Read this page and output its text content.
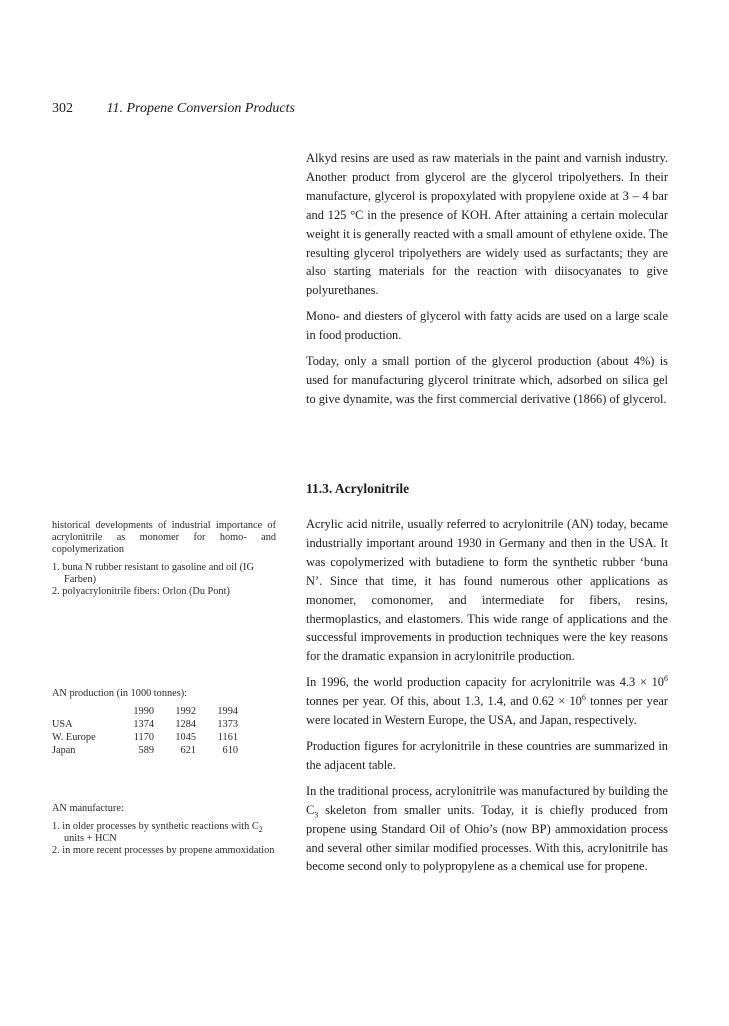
302 11. Propene Conversion Products

Alkyd resins are used as raw materials in the paint and varnish industry. Another product from glycerol are the glycerol tripolyethers. In their manufacture, glycerol is propoxylated with propylene oxide at 3 – 4 bar and 125 °C in the presence of KOH. After attaining a certain molecular weight it is generally reacted with a small amount of ethylene oxide. The resulting glycerol tripolyethers are widely used as surfactants; they are also starting materials for the reaction with diisocyanates to give polyurethanes.

Mono- and diesters of glycerol with fatty acids are used on a large scale in food production.

Today, only a small portion of the glycerol production (about 4%) is used for manufacturing glycerol trinitrate which, adsorbed on silica gel to give dynamite, was the first commercial derivative (1866) of glycerol.

11.3. Acrylonitrile

Acrylic acid nitrile, usually referred to acrylonitrile (AN) today, became industrially important around 1930 in Germany and then in the USA. It was copolymerized with butadiene to form the synthetic rubber ‘buna N’. Since that time, it has found numerous other applications as monomer, comonomer, and intermediate for fibers, resins, thermoplastics, and elastomers. This wide range of applications and the successful improvements in production techniques were the key reasons for the dramatic expansion in acrylonitrile production.

In 1996, the world production capacity for acrylonitrile was $4.3 \times 10^6$ tonnes per year. Of this, about 1.3, 1.4, and $0.62 \times 10^6$ tonnes per year were located in Western Europe, the USA, and Japan, respectively.

Production figures for acrylonitrile in these countries are summarized in the adjacent table.

In the traditional process, acrylonitrile was manufactured by building the $C_3$ skeleton from smaller units. Today, it is chiefly produced from propene using Standard Oil of Ohio’s (now BP) ammoxidation process and several other similar modified processes. With this, acrylonitrile has become second only to polypropylene as a chemical use for propene.

historical developments of industrial importance of acrylonitrile as monomer for homo- and copolymerization

1. buna N rubber resistant to gasoline and oil (IG Farben)
2. polyacrylonitrile fibers: Orlon (Du Pont)

AN production (in 1000 tonnes):

	1990	1992	1994
USA	1374	1284	1373
W. Europe	1170	1045	1161
Japan	589	621	610

AN manufacture:

1. in older processes by synthetic reactions with $C_2$ units + HCN
2. in more recent processes by propene ammoxidation
